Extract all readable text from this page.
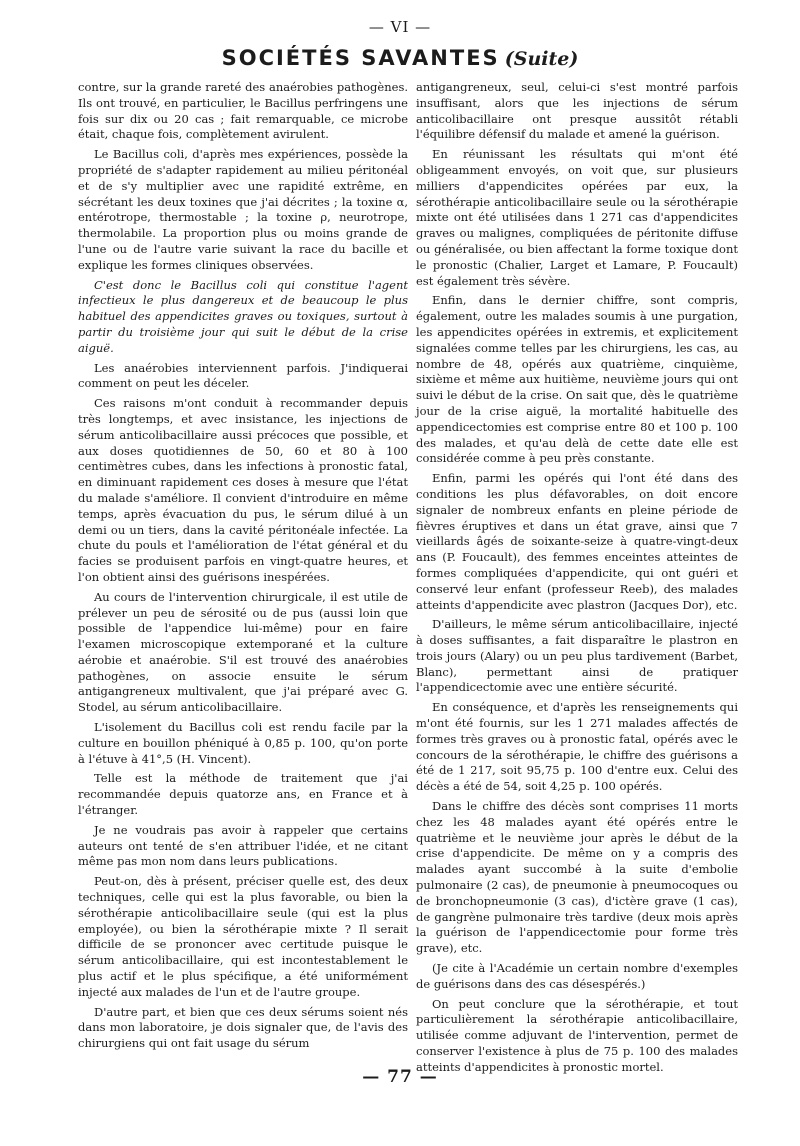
— VI —
SOCIÉTÉS SAVANTES (Suite)

contre, sur la grande rareté des anaérobies pathogènes. Ils ont trouvé, en particulier, le Bacillus perfringens une fois sur dix ou 20 cas ; fait remarquable, ce microbe était, chaque fois, complètement avirulent.

Le Bacillus coli, d'après mes expériences, possède la propriété de s'adapter rapidement au milieu péritonéal et de s'y multiplier avec une rapidité extrême, en sécrétant les deux toxines que j'ai décrites ; la toxine α, entérotrope, thermostable ; la toxine ρ, neurotrope, thermolabile. La proportion plus ou moins grande de l'une ou de l'autre varie suivant la race du bacille et explique les formes cliniques observées.

C'est donc le Bacillus coli qui constitue l'agent infectieux le plus dangereux et de beaucoup le plus habituel des appendicites graves ou toxiques, surtout à partir du troisième jour qui suit le début de la crise aiguë.

Les anaérobies interviennent parfois. J'indiquerai comment on peut les déceler.

Ces raisons m'ont conduit à recommander depuis très longtemps, et avec insistance, les injections de sérum anticolibacillaire aussi précoces que possible, et aux doses quotidiennes de 50, 60 et 80 à 100 centimètres cubes, dans les infections à pronostic fatal, en diminuant rapidement ces doses à mesure que l'état du malade s'améliore. Il convient d'introduire en même temps, après évacuation du pus, le sérum dilué à un demi ou un tiers, dans la cavité péritonéale infectée. La chute du pouls et l'amélioration de l'état général et du facies se produisent parfois en vingt-quatre heures, et l'on obtient ainsi des guérisons inespérées.

Au cours de l'intervention chirurgicale, il est utile de prélever un peu de sérosité ou de pus (aussi loin que possible de l'appendice lui-même) pour en faire l'examen microscopique extemporané et la culture aérobie et anaérobie. S'il est trouvé des anaérobies pathogènes, on associe ensuite le sérum antigangreneux multivalent, que j'ai préparé avec G. Stodel, au sérum anticolibacillaire.

L'isolement du Bacillus coli est rendu facile par la culture en bouillon phéniqué à 0,85 p. 100, qu'on porte à l'étuve à 41°,5 (H. Vincent).

Telle est la méthode de traitement que j'ai recommandée depuis quatorze ans, en France et à l'étranger.

Je ne voudrais pas avoir à rappeler que certains auteurs ont tenté de s'en attribuer l'idée, et ne citant même pas mon nom dans leurs publications.

Peut-on, dès à présent, préciser quelle est, des deux techniques, celle qui est la plus favorable, ou bien la sérothérapie anticolibacillaire seule (qui est la plus employée), ou bien la sérothérapie mixte ? Il serait difficile de se prononcer avec certitude puisque le sérum anticolibacillaire, qui est incontestablement le plus actif et le plus spécifique, a été uniformément injecté aux malades de l'un et de l'autre groupe.

D'autre part, et bien que ces deux sérums soient nés dans mon laboratoire, je dois signaler que, de l'avis des chirurgiens qui ont fait usage du sérum

antigangreneux, seul, celui-ci s'est montré parfois insuffisant, alors que les injections de sérum anticolibacillaire ont presque aussitôt rétabli l'équilibre défensif du malade et amené la guérison.

En réunissant les résultats qui m'ont été obligeamment envoyés, on voit que, sur plusieurs milliers d'appendicites opérées par eux, la sérothérapie anticolibacillaire seule ou la sérothérapie mixte ont été utilisées dans 1 271 cas d'appendicites graves ou malignes, compliquées de péritonite diffuse ou généralisée, ou bien affectant la forme toxique dont le pronostic (Chalier, Larget et Lamare, P. Foucault) est également très sévère.

Enfin, dans le dernier chiffre, sont compris, également, outre les malades soumis à une purgation, les appendicites opérées in extremis, et explicitement signalées comme telles par les chirurgiens, les cas, au nombre de 48, opérés aux quatrième, cinquième, sixième et même aux huitième, neuvième jours qui ont suivi le début de la crise. On sait que, dès le quatrième jour de la crise aiguë, la mortalité habituelle des appendicectomies est comprise entre 80 et 100 p. 100 des malades, et qu'au delà de cette date elle est considérée comme à peu près constante.

Enfin, parmi les opérés qui l'ont été dans des conditions les plus défavorables, on doit encore signaler de nombreux enfants en pleine période de fièvres éruptives et dans un état grave, ainsi que 7 vieillards âgés de soixante-seize à quatre-vingt-deux ans (P. Foucault), des femmes enceintes atteintes de formes compliquées d'appendicite, qui ont guéri et conservé leur enfant (professeur Reeb), des malades atteints d'appendicite avec plastron (Jacques Dor), etc.

D'ailleurs, le même sérum anticolibacillaire, injecté à doses suffisantes, a fait disparaître le plastron en trois jours (Alary) ou un peu plus tardivement (Barbet, Blanc), permettant ainsi de pratiquer l'appendicectomie avec une entière sécurité.

En conséquence, et d'après les renseignements qui m'ont été fournis, sur les 1 271 malades affectés de formes très graves ou à pronostic fatal, opérés avec le concours de la sérothérapie, le chiffre des guérisons a été de 1 217, soit 95,75 p. 100 d'entre eux. Celui des décès a été de 54, soit 4,25 p. 100 opérés.

Dans le chiffre des décès sont comprises 11 morts chez les 48 malades ayant été opérés entre le quatrième et le neuvième jour après le début de la crise d'appendicite. De même on y a compris des malades ayant succombé à la suite d'embolie pulmonaire (2 cas), de pneumonie à pneumocoques ou de bronchopneumonie (3 cas), d'ictère grave (1 cas), de gangrène pulmonaire très tardive (deux mois après la guérison de l'appendicectomie pour forme très grave), etc.

(Je cite à l'Académie un certain nombre d'exemples de guérisons dans des cas désespérés.)

On peut conclure que la sérothérapie, et tout particulièrement la sérothérapie anticolibacillaire, utilisée comme adjuvant de l'intervention, permet de conserver l'existence à plus de 75 p. 100 des malades atteints d'appendicites à pronostic mortel.

— 77 —
